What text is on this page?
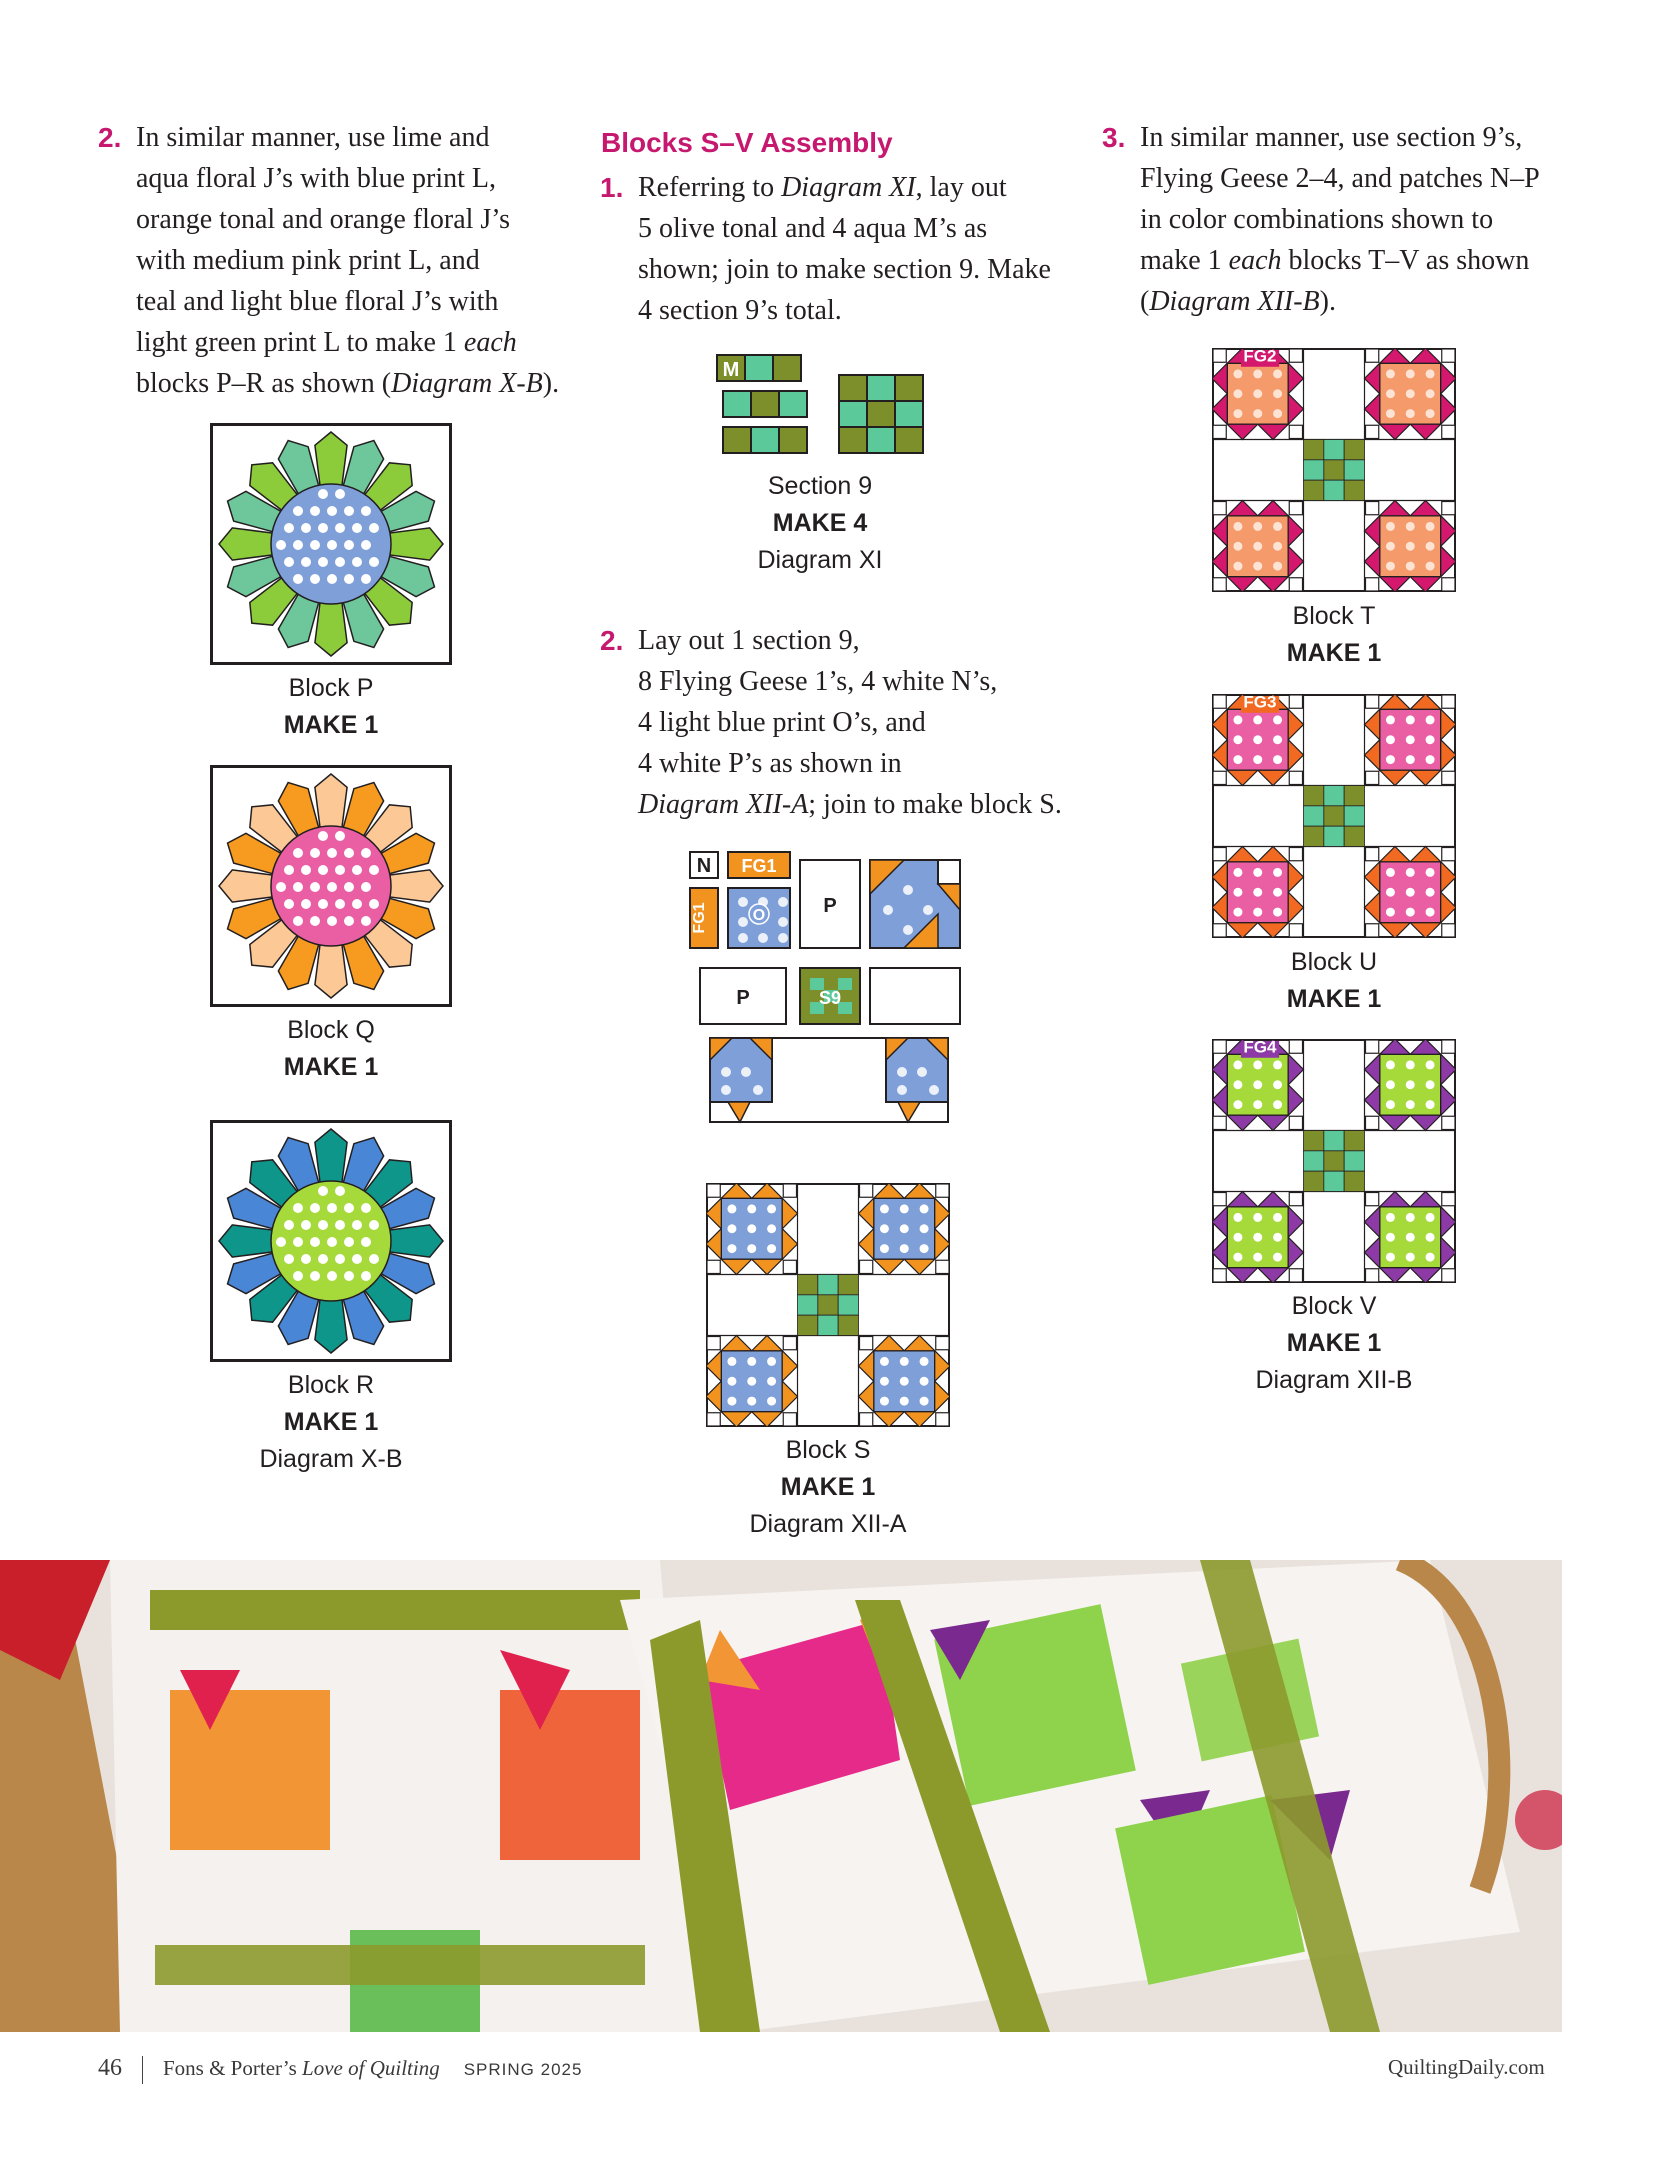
2. In similar manner, use lime and
aqua floral J’s with blue print L,
orange tonal and orange floral J’s
with medium pink print L, and
teal and light blue floral J’s with
light green print L to make 1 each
blocks P–R as shown (Diagram X-B).
Block P
MAKE 1
Block Q
MAKE 1
Block R
MAKE 1
Diagram X-B
Blocks S–V Assembly
1. Referring to Diagram XI, lay out
5 olive tonal and 4 aqua M’s as
shown; join to make section 9. Make
4 section 9’s total.
M
Section 9
MAKE 4
Diagram XI
2. Lay out 1 section 9,
8 Flying Geese 1’s, 4 white N’s,
4 light blue print O’s, and
4 white P’s as shown in
Diagram XII-A; join to make block S.
N FG1
FG1	O	P
P	S9
Block S
MAKE 1
Diagram XII-A
3. In similar manner, use section 9’s,
Flying Geese 2–4, and patches N–P
in color combinations shown to
make 1 each blocks T–V as shown
(Diagram XII-B).
FG2
Block T
MAKE 1
FG3
Block U
MAKE 1
FG4
Block V
MAKE 1
Diagram XII-B
46 Fons & Porter’s Love of Quilting SPRING 2025	QuiltingDaily.com
